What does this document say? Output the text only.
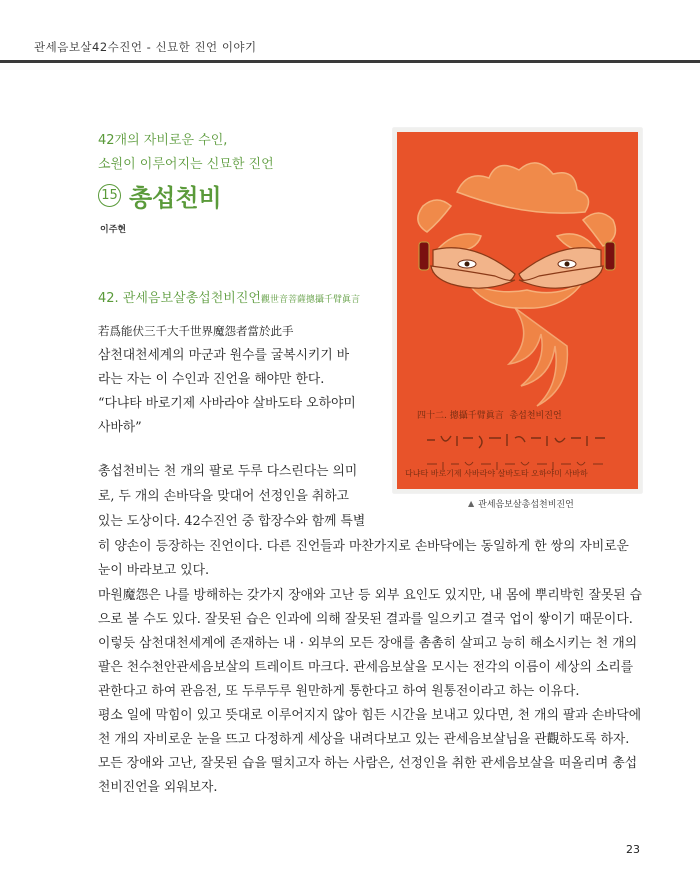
관세음보살42수진언 - 신묘한 진언 이야기
42개의 자비로운 수인,
소원이 이루어지는 신묘한 진언
15 총섭천비
이주현
42. 관세음보살총섭천비진언觀世音菩薩摠攝千臂眞言
若爲能伏三千大千世界魔怨者當於此手
삼천대천세계의 마군과 원수를 굴복시키기 바
라는 자는 이 수인과 진언을 해야만 한다.
“다냐타 바로기제 사바라야 살바도타 오하야미
사바하”
총섭천비는 천 개의 팔로 두루 다스린다는 의미
로, 두 개의 손바닥을 맞대어 선정인을 취하고
있는 도상이다. 42수진언 중 합장수와 함께 특별
히 양손이 등장하는 진언이다. 다른 진언들과 마찬가지로 손바닥에는 동일하게 한 쌍의 자비로운
눈이 바라보고 있다.
마원魔怨은 나를 방해하는 갖가지 장애와 고난 등 외부 요인도 있지만, 내 몸에 뿌리박힌 잘못된 습
으로 볼 수도 있다. 잘못된 습은 인과에 의해 잘못된 결과를 일으키고 결국 업이 쌓이기 때문이다.
이렇듯 삼천대천세계에 존재하는 내 · 외부의 모든 장애를 촘촘히 살피고 능히 해소시키는 천 개의
팔은 천수천안관세음보살의 트레이트 마크다. 관세음보살을 모시는 전각의 이름이 세상의 소리를
관한다고 하여 관음전, 또 두루두루 원만하게 통한다고 하여 원통전이라고 하는 이유다.
평소 일에 막힘이 있고 뜻대로 이루어지지 않아 힘든 시간을 보내고 있다면, 천 개의 팔과 손바닥에
천 개의 자비로운 눈을 뜨고 다정하게 세상을 내려다보고 있는 관세음보살님을 관觀하도록 하자.
모든 장애와 고난, 잘못된 습을 떨치고자 하는 사람은, 선정인을 취한 관세음보살을 떠올리며 총섭
천비진언을 외워보자.
四十二. 摠攝千臂眞言 총섭천비진언
다냐타 바로기제 사바라야 살바도타 오하야미 사바하
▲ 관세음보살총섭천비진언
23
